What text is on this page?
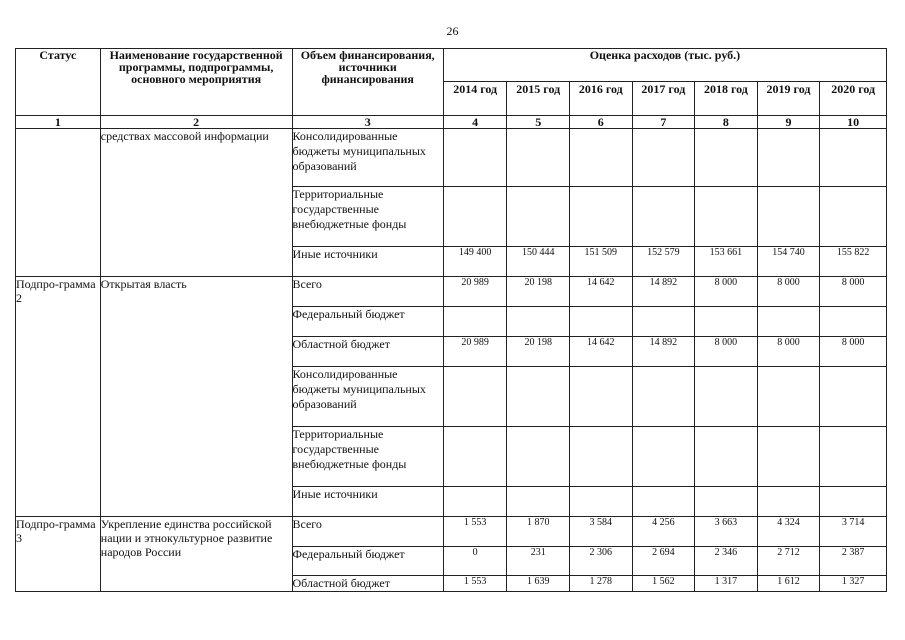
26
Статус	Наименование государственной программы, подпрограммы, основного мероприятия	Объем финансирования, источники финансирования	Оценка расходов (тыс. руб.)						
			2014 год	2015 год	2016 год	2017 год	2018 год	2019 год	2020 год
1	2	3	4	5	6	7	8	9	10
	средствах массовой информации	Консолидированные бюджеты муниципальных образований							
		Территориальные государственные внебюджетные фонды							
		Иные источники	149 400	150 444	151 509	152 579	153 661	154 740	155 822
Подпро-грамма 2	Открытая власть	Всего	20 989	20 198	14 642	14 892	8 000	8 000	8 000
		Федеральный бюджет							
		Областной бюджет	20 989	20 198	14 642	14 892	8 000	8 000	8 000
		Консолидированные бюджеты муниципальных образований							
		Территориальные государственные внебюджетные фонды							
		Иные источники							
Подпро-грамма 3	Укрепление единства российской нации и этнокультурное развитие народов России	Всего	1 553	1 870	3 584	4 256	3 663	4 324	3 714
		Федеральный бюджет	0	231	2 306	2 694	2 346	2 712	2 387
		Областной бюджет	1 553	1 639	1 278	1 562	1 317	1 612	1 327
